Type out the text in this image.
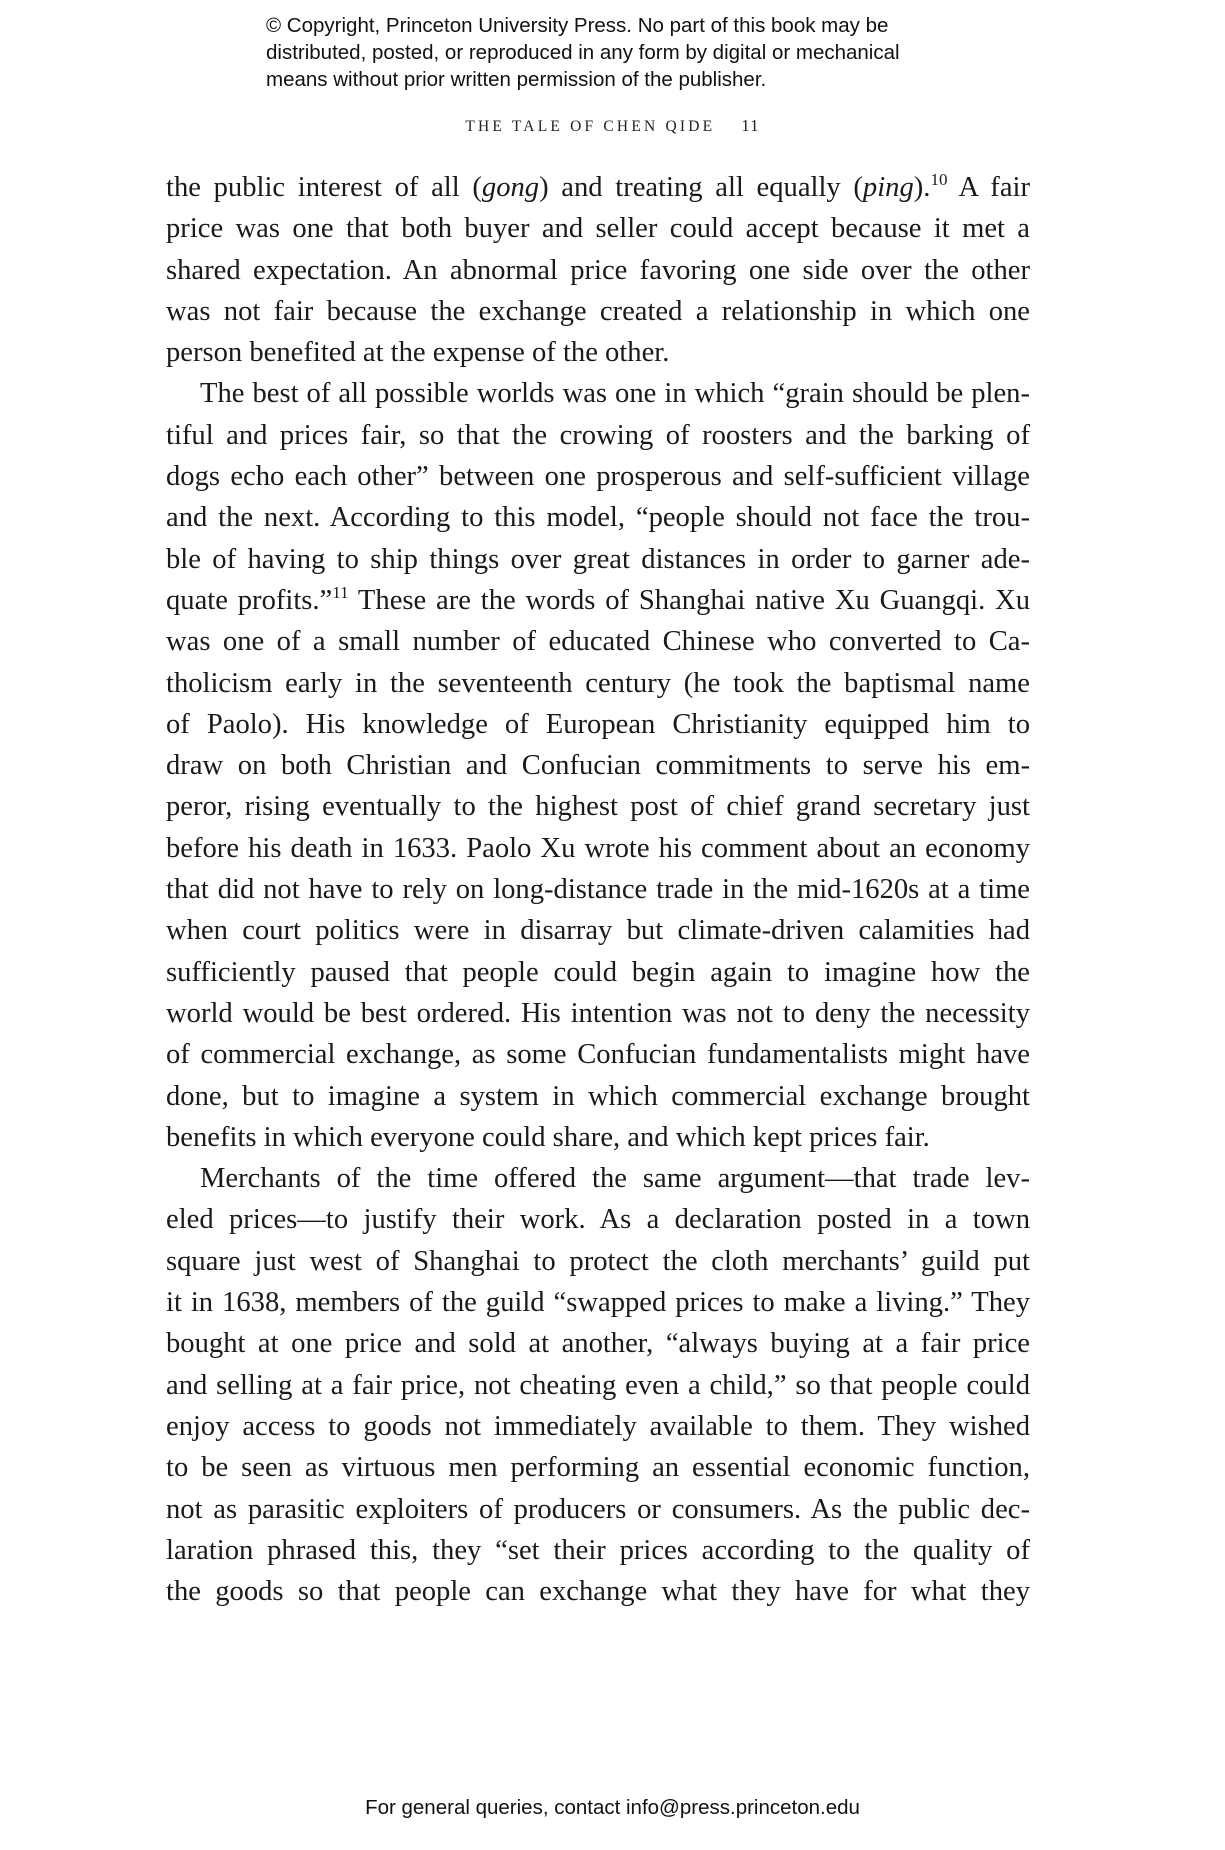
© Copyright, Princeton University Press. No part of this book may be
distributed, posted, or reproduced in any form by digital or mechanical
means without prior written permission of the publisher.
THE TALE OF CHEN QIDE 11
the public interest of all (gong) and treating all equally (ping).$^{10}$ A fair
price was one that both buyer and seller could accept because it met a
shared expectation. An abnormal price favoring one side over the other
was not fair because the exchange created a relationship in which one
person benefited at the expense of the other.
The best of all possible worlds was one in which “grain should be plen-
tiful and prices fair, so that the crowing of roosters and the barking of
dogs echo each other” between one prosperous and self-sufficient village
and the next. According to this model, “people should not face the trou-
ble of having to ship things over great distances in order to garner ade-
quate profits.”$^{11}$ These are the words of Shanghai native Xu Guangqi. Xu
was one of a small number of educated Chinese who converted to Ca-
tholicism early in the seventeenth century (he took the baptismal name
of Paolo). His knowledge of European Christianity equipped him to
draw on both Christian and Confucian commitments to serve his em-
peror, rising eventually to the highest post of chief grand secretary just
before his death in 1633. Paolo Xu wrote his comment about an economy
that did not have to rely on long-distance trade in the mid-1620s at a time
when court politics were in disarray but climate-driven calamities had
sufficiently paused that people could begin again to imagine how the
world would be best ordered. His intention was not to deny the necessity
of commercial exchange, as some Confucian fundamentalists might have
done, but to imagine a system in which commercial exchange brought
benefits in which everyone could share, and which kept prices fair.
Merchants of the time offered the same argument—that trade lev-
eled prices—to justify their work. As a declaration posted in a town
square just west of Shanghai to protect the cloth merchants’ guild put
it in 1638, members of the guild “swapped prices to make a living.” They
bought at one price and sold at another, “always buying at a fair price
and selling at a fair price, not cheating even a child,” so that people could
enjoy access to goods not immediately available to them. They wished
to be seen as virtuous men performing an essential economic function,
not as parasitic exploiters of producers or consumers. As the public dec-
laration phrased this, they “set their prices according to the quality of
the goods so that people can exchange what they have for what they
For general queries, contact info@press.princeton.edu
